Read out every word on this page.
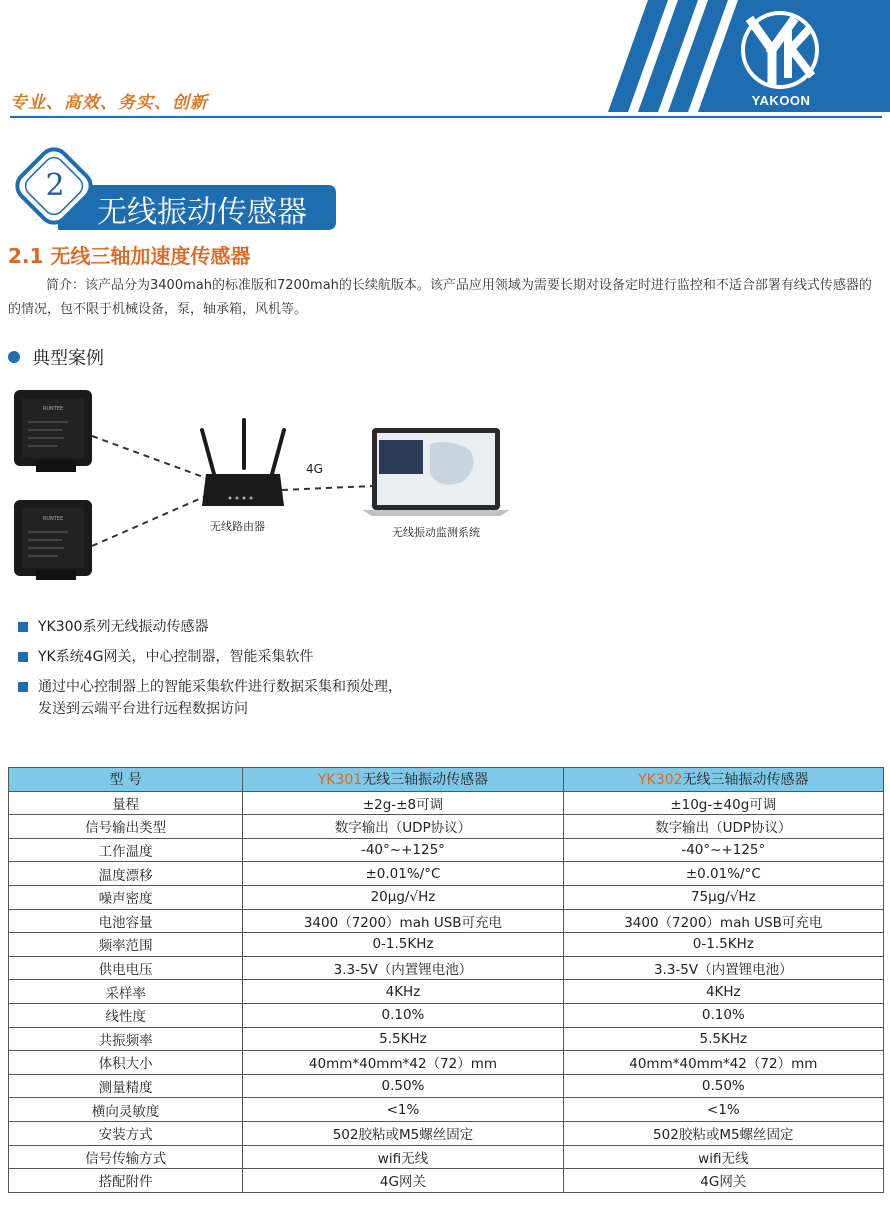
专业、高效、务实、创新	YAKOON
2
无线振动传感器
2.1 无线三轴加速度传感器
简介：该产品分为3400mah的标准版和7200mah的长续航版本。该产品应用领域为需要长期对设备定时进行监控和不适合部署有线式传感器的的情况，包不限于机械设备，泵，轴承箱，风机等。
典型案例
RUNTEE
RUNTEE
无线路由器
4G
无线振动监测系统
YK300系列无线振动传感器
YK系统4G网关，中心控制器，智能采集软件
通过中心控制器上的智能采集软件进行数据采集和预处理，
发送到云端平台进行远程数据访问
型 号	YK301无线三轴振动传感器	YK302无线三轴振动传感器
量程	±2g-±8可调	±10g-±40g可调
信号输出类型	数字输出（UDP协议）	数字输出（UDP协议）
工作温度	-40°~+125°	-40°~+125°
温度漂移	±0.01%/°C	±0.01%/°C
噪声密度	20μg/√Hz	75μg/√Hz
电池容量	3400（7200）mah USB可充电	3400（7200）mah USB可充电
频率范围	0-1.5KHz	0-1.5KHz
供电电压	3.3-5V（内置锂电池）	3.3-5V（内置锂电池）
采样率	4KHz	4KHz
线性度	0.10%	0.10%
共振频率	5.5KHz	5.5KHz
体积大小	40mm*40mm*42（72）mm	40mm*40mm*42（72）mm
测量精度	0.50%	0.50%
横向灵敏度	<1%	<1%
安装方式	502胶粘或M5螺丝固定	502胶粘或M5螺丝固定
信号传输方式	wifi无线	wifi无线
搭配附件	4G网关	4G网关
